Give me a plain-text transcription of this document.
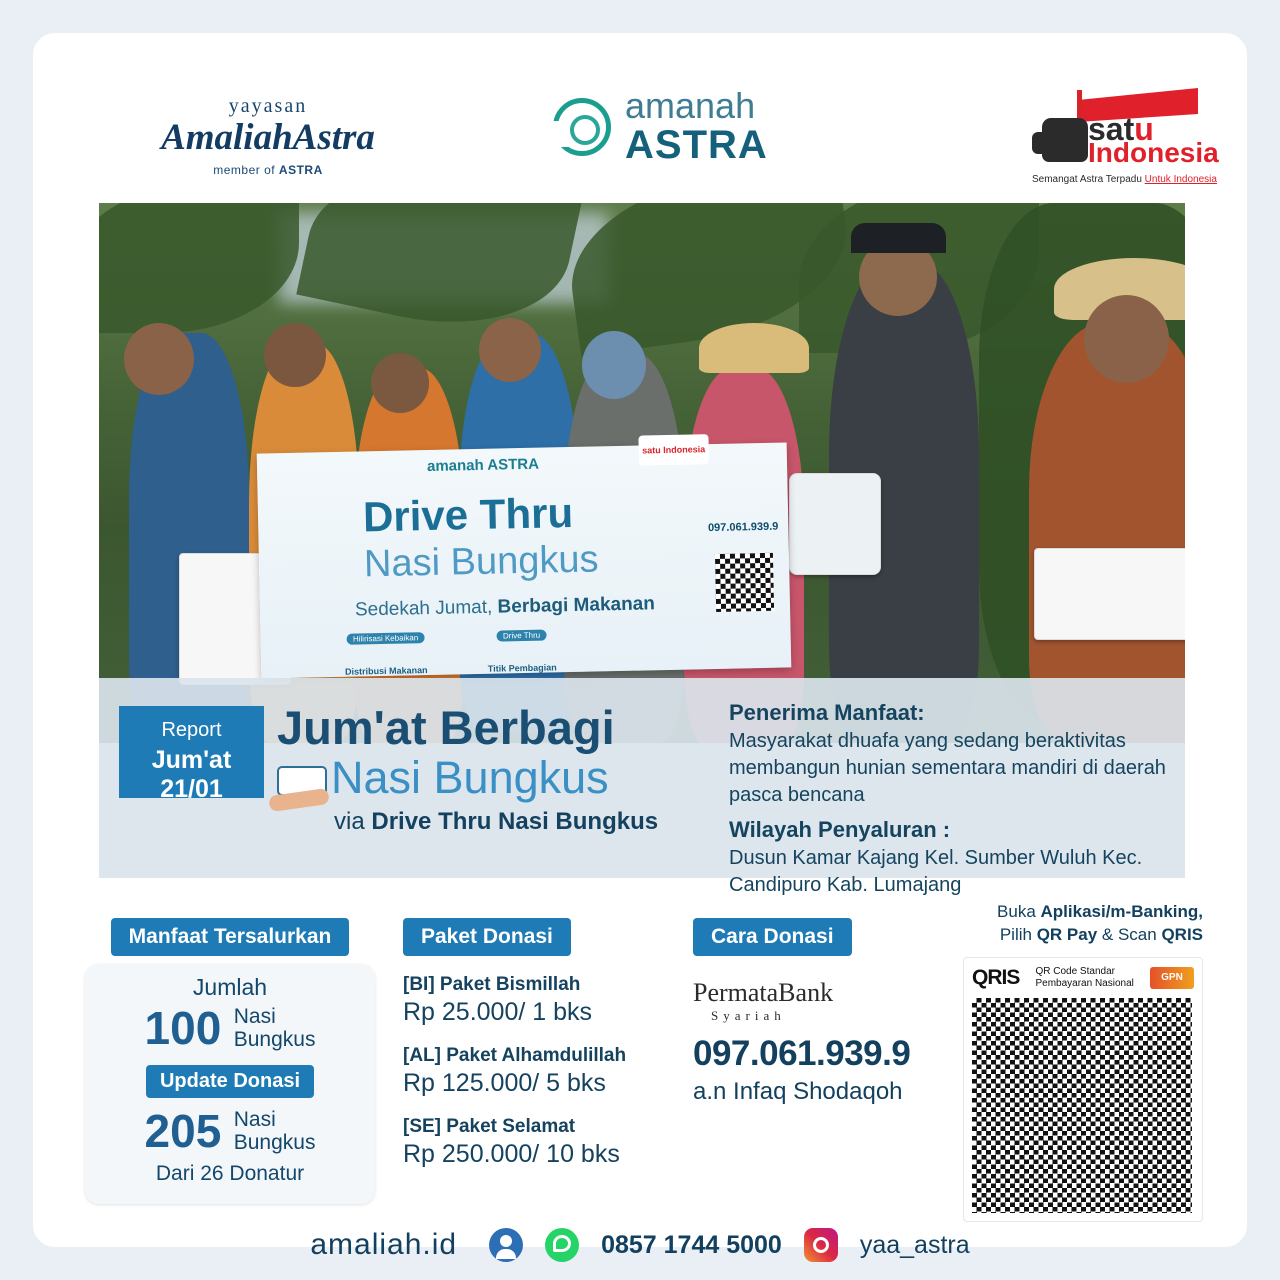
yayasan
AmaliahAstra
member of ASTRA
amanah
ASTRA	satu
Indonesia
Semangat Astra Terpadu Untuk Indonesia
amanah ASTRA
satu Indonesia
Drive Thru
Nasi Bungkus
Sedekah Jumat, Berbagi Makanan
097.061.939.9
Hilirisasi Kebaikan
Distribusi Makanan
Drive Thru
Titik Pembagian
Report
Jum'at
21/01
Jum'at Berbagi
Nasi Bungkus
via Drive Thru Nasi Bungkus
Penerima Manfaat:

Masyarakat dhuafa yang sedang beraktivitas membangun hunian sementara mandiri di daerah pasca bencana

Wilayah Penyaluran :

Dusun Kamar Kajang Kel. Sumber Wuluh Kec. Candipuro Kab. Lumajang

Manfaat Tersalurkan
Jumlah
100 Nasi
Bungkus
Update Donasi
205 Nasi
Bungkus
Dari 26 Donatur
Paket Donasi
[BI] Paket Bismillah
Rp 25.000/ 1 bks
[AL] Paket Alhamdulillah
Rp 125.000/ 5 bks
[SE] Paket Selamat
Rp 250.000/ 10 bks
Cara Donasi
PermataBank
Syariah
097.061.939.9
a.n Infaq Shodaqoh
Buka Aplikasi/m-Banking,
Pilih QR Pay & Scan QRIS
QRIS QR Code Standar
Pembayaran Nasional
GPN
amaliah.id	0857 1744 5000	yaa_astra
